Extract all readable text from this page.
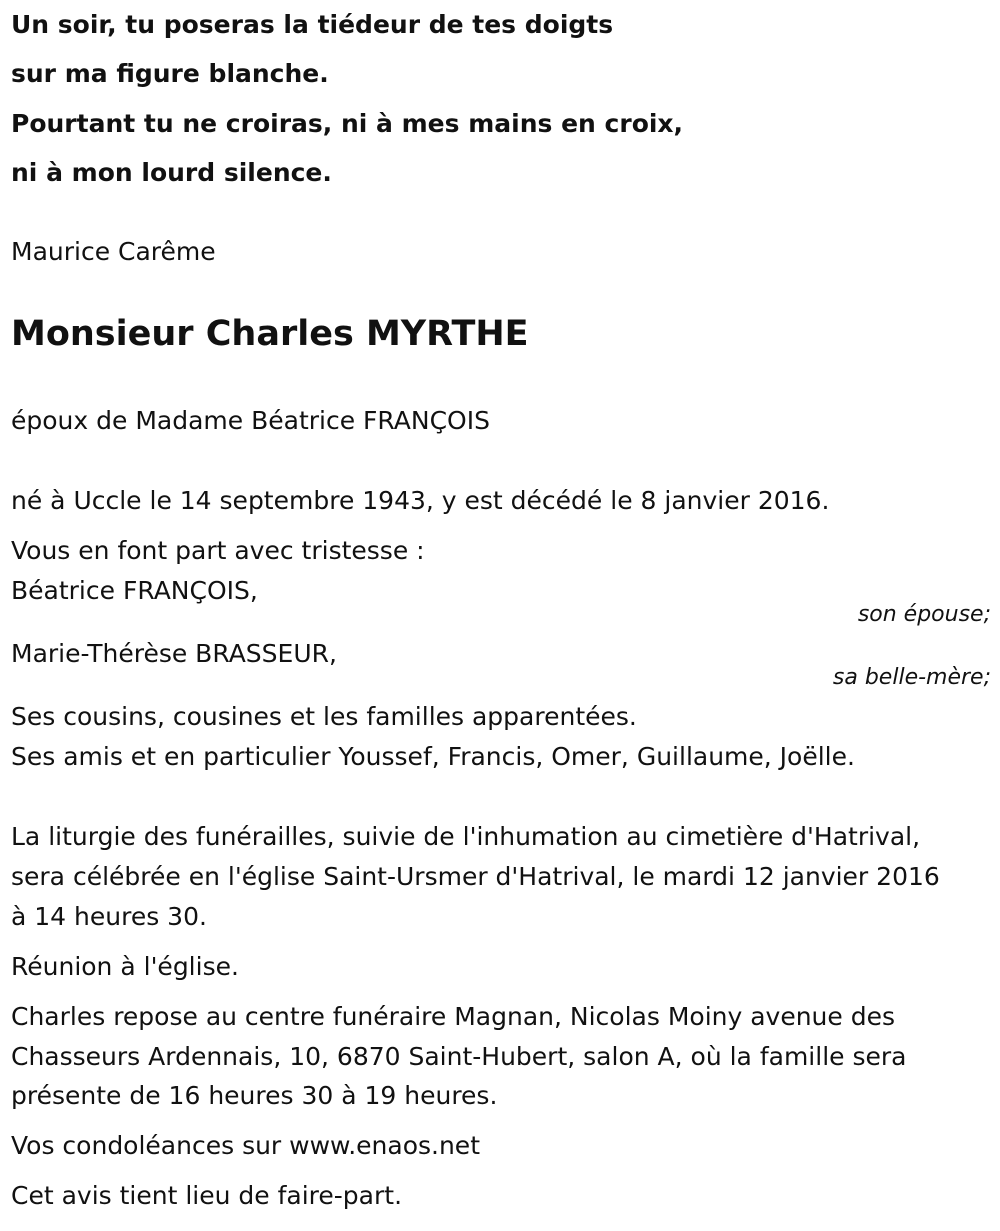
Un soir, tu poseras la tiédeur de tes doigts
sur ma figure blanche.
Pourtant tu ne croiras, ni à mes mains en croix,
ni à mon lourd silence.
Maurice Carême
Monsieur Charles MYRTHE
époux de Madame Béatrice FRANÇOIS
né à Uccle le 14 septembre 1943, y est décédé le 8 janvier 2016.
Vous en font part avec tristesse :
Béatrice FRANÇOIS,
son épouse;
Marie-Thérèse BRASSEUR,
sa belle-mère;
Ses cousins, cousines et les familles apparentées.
Ses amis et en particulier Youssef, Francis, Omer, Guillaume, Joëlle.
La liturgie des funérailles, suivie de l'inhumation au cimetière d'Hatrival,
sera célébrée en l'église Saint-Ursmer d'Hatrival, le mardi 12 janvier 2016
à 14 heures 30.
Réunion à l'église.
Charles repose au centre funéraire Magnan, Nicolas Moiny avenue des
Chasseurs Ardennais, 10, 6870 Saint-Hubert, salon A, où la famille sera
présente de 16 heures 30 à 19 heures.
Vos condoléances sur www.enaos.net
Cet avis tient lieu de faire-part.
